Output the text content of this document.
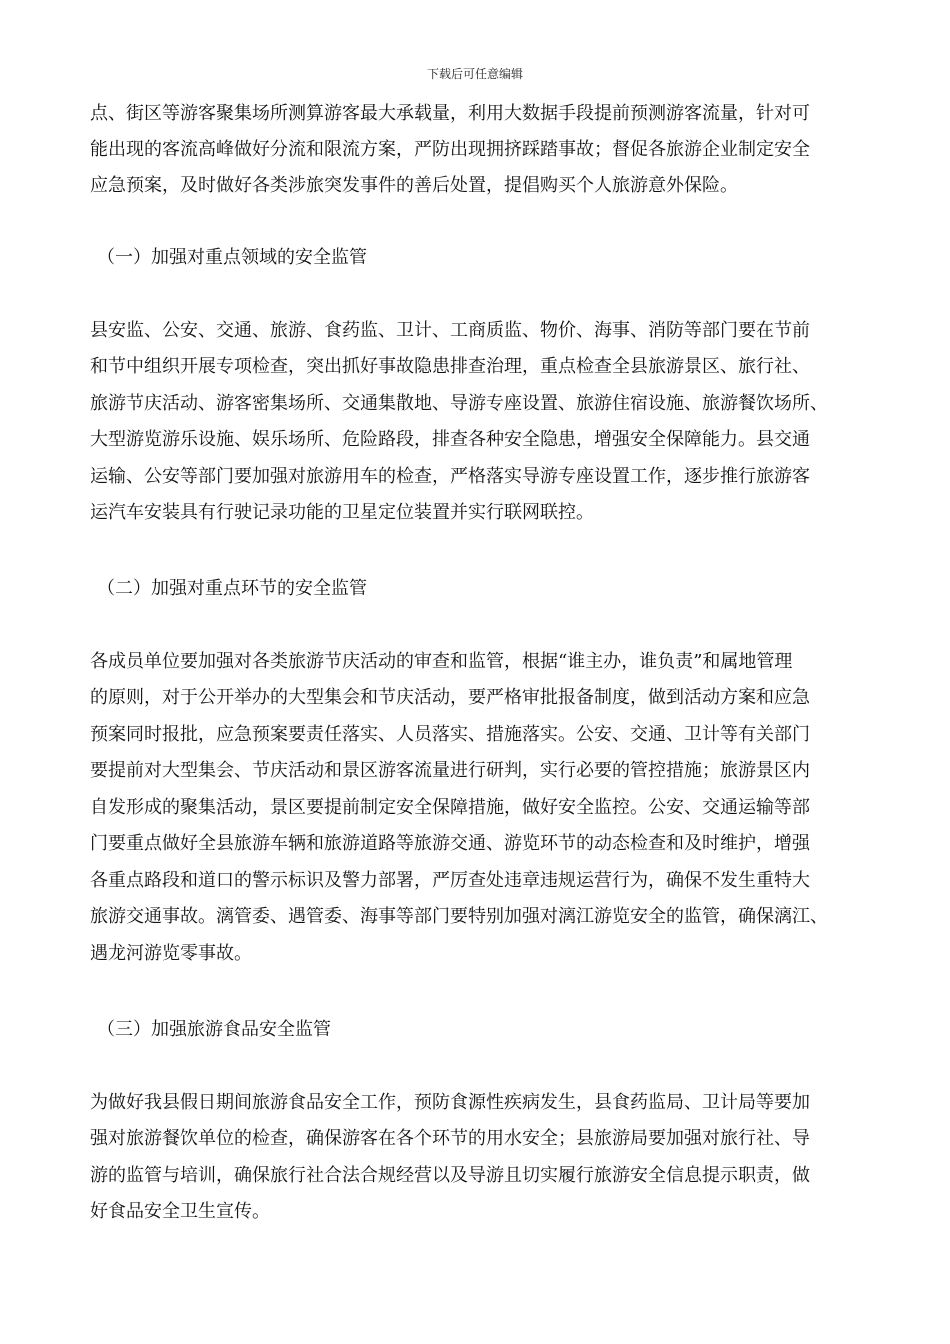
下载后可任意编辑
点、街区等游客聚集场所测算游客最大承载量，利用大数据手段提前预测游客流量，针对可
能出现的客流高峰做好分流和限流方案，严防出现拥挤踩踏事故；督促各旅游企业制定安全
应急预案，及时做好各类涉旅突发事件的善后处置，提倡购买个人旅游意外保险。
（一）加强对重点领域的安全监管
县安监、公安、交通、旅游、食药监、卫计、工商质监、物价、海事、消防等部门要在节前
和节中组织开展专项检查，突出抓好事故隐患排查治理，重点检查全县旅游景区、旅行社、
旅游节庆活动、游客密集场所、交通集散地、导游专座设置、旅游住宿设施、旅游餐饮场所、
大型游览游乐设施、娱乐场所、危险路段，排查各种安全隐患，增强安全保障能力。县交通
运输、公安等部门要加强对旅游用车的检查，严格落实导游专座设置工作，逐步推行旅游客
运汽车安装具有行驶记录功能的卫星定位装置并实行联网联控。
（二）加强对重点环节的安全监管
各成员单位要加强对各类旅游节庆活动的审查和监管，根据“谁主办，谁负责”和属地管理
的原则，对于公开举办的大型集会和节庆活动，要严格审批报备制度，做到活动方案和应急
预案同时报批，应急预案要责任落实、人员落实、措施落实。公安、交通、卫计等有关部门
要提前对大型集会、节庆活动和景区游客流量进行研判，实行必要的管控措施；旅游景区内
自发形成的聚集活动，景区要提前制定安全保障措施，做好安全监控。公安、交通运输等部
门要重点做好全县旅游车辆和旅游道路等旅游交通、游览环节的动态检查和及时维护，增强
各重点路段和道口的警示标识及警力部署，严厉查处违章违规运营行为，确保不发生重特大
旅游交通事故。漓管委、遇管委、海事等部门要特别加强对漓江游览安全的监管，确保漓江、
遇龙河游览零事故。
（三）加强旅游食品安全监管
为做好我县假日期间旅游食品安全工作，预防食源性疾病发生，县食药监局、卫计局等要加
强对旅游餐饮单位的检查，确保游客在各个环节的用水安全；县旅游局要加强对旅行社、导
游的监管与培训，确保旅行社合法合规经营以及导游且切实履行旅游安全信息提示职责，做
好食品安全卫生宣传。
